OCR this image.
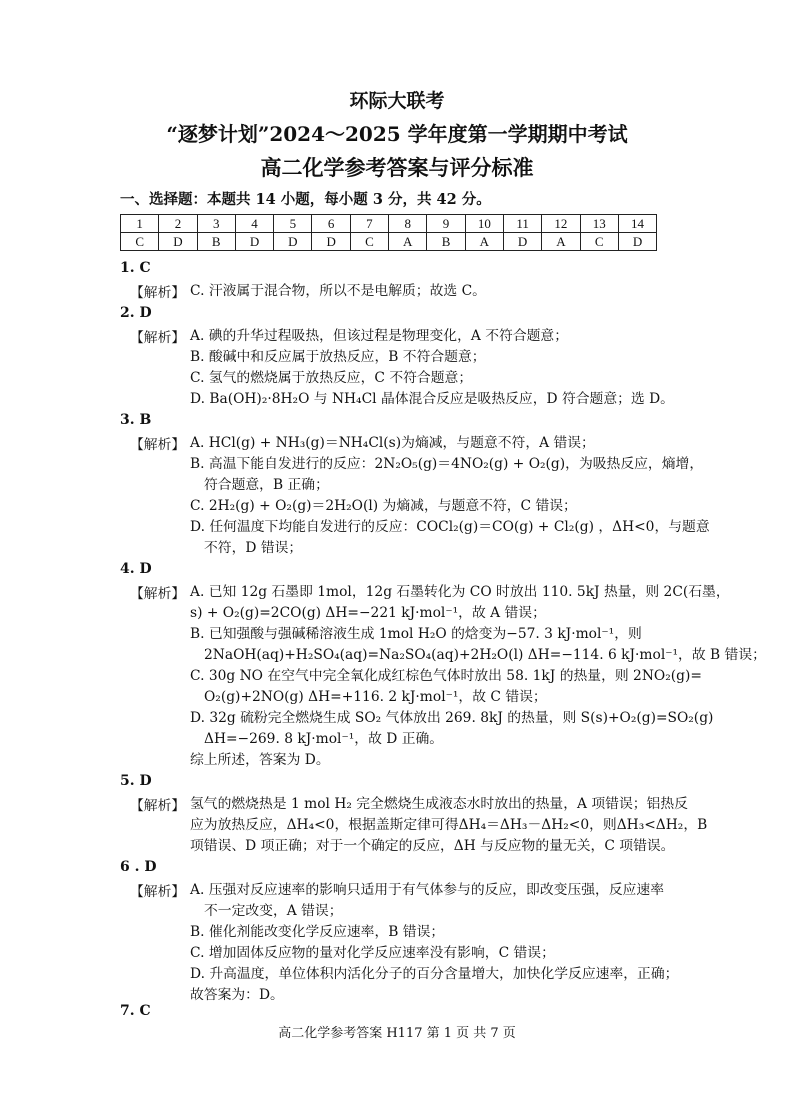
环际大联考
“逐梦计划”2024～2025 学年度第一学期期中考试
高二化学参考答案与评分标准
一、选择题：本题共 14 小题，每小题 3 分，共 42 分。
1	2	3	4	5	6	7	8	9	10	11	12	13	14
C	D	B	D	D	D	C	A	B	A	D	A	C	D
1. C
【解析】 C. 汗液属于混合物，所以不是电解质；故选 C。
2. D
【解析】 A. 碘的升华过程吸热，但该过程是物理变化，A 不符合题意；
B. 酸碱中和反应属于放热反应，B 不符合题意；
C. 氢气的燃烧属于放热反应，C 不符合题意；
D. Ba(OH)₂·8H₂O 与 NH₄Cl 晶体混合反应是吸热反应，D 符合题意；选 D。
3. B
【解析】 A. HCl(g) + NH₃(g)＝NH₄Cl(s)为熵减，与题意不符，A 错误；
B. 高温下能自发进行的反应：2N₂O₅(g)＝4NO₂(g) + O₂(g)，为吸热反应，熵增，
符合题意，B 正确；
C. 2H₂(g) + O₂(g)＝2H₂O(l) 为熵减，与题意不符，C 错误；
D. 任何温度下均能自发进行的反应：COCl₂(g)＝CO(g) + Cl₂(g) ，ΔH<0，与题意
不符，D 错误；
4. D
【解析】 A. 已知 12g 石墨即 1mol，12g 石墨转化为 CO 时放出 110. 5kJ 热量，则 2C(石墨，
s) + O₂(g)=2CO(g) ΔH=−221 kJ·mol⁻¹，故 A 错误；
B. 已知强酸与强碱稀溶液生成 1mol H₂O 的焓变为−57. 3 kJ·mol⁻¹，则
2NaOH(aq)+H₂SO₄(aq)=Na₂SO₄(aq)+2H₂O(l) ΔH=−114. 6 kJ·mol⁻¹，故 B 错误；
C. 30g NO 在空气中完全氧化成红棕色气体时放出 58. 1kJ 的热量，则 2NO₂(g)=
O₂(g)+2NO(g) ΔH=+116. 2 kJ·mol⁻¹，故 C 错误；
D. 32g 硫粉完全燃烧生成 SO₂ 气体放出 269. 8kJ 的热量，则 S(s)+O₂(g)=SO₂(g)
ΔH=−269. 8 kJ·mol⁻¹，故 D 正确。
综上所述，答案为 D。
5. D
【解析】 氢气的燃烧热是 1 mol H₂ 完全燃烧生成液态水时放出的热量，A 项错误；铝热反
应为放热反应，ΔH₄<0，根据盖斯定律可得ΔH₄＝ΔH₃－ΔH₂<0，则ΔH₃<ΔH₂，B
项错误、D 项正确；对于一个确定的反应，ΔH 与反应物的量无关，C 项错误。
6 . D
【解析】 A. 压强对反应速率的影响只适用于有气体参与的反应，即改变压强，反应速率
不一定改变，A 错误；
B. 催化剂能改变化学反应速率，B 错误；
C. 增加固体反应物的量对化学反应速率没有影响，C 错误；
D. 升高温度，单位体积内活化分子的百分含量增大，加快化学反应速率，正确；
故答案为：D。
7. C
高二化学参考答案 H117 第 1 页 共 7 页
